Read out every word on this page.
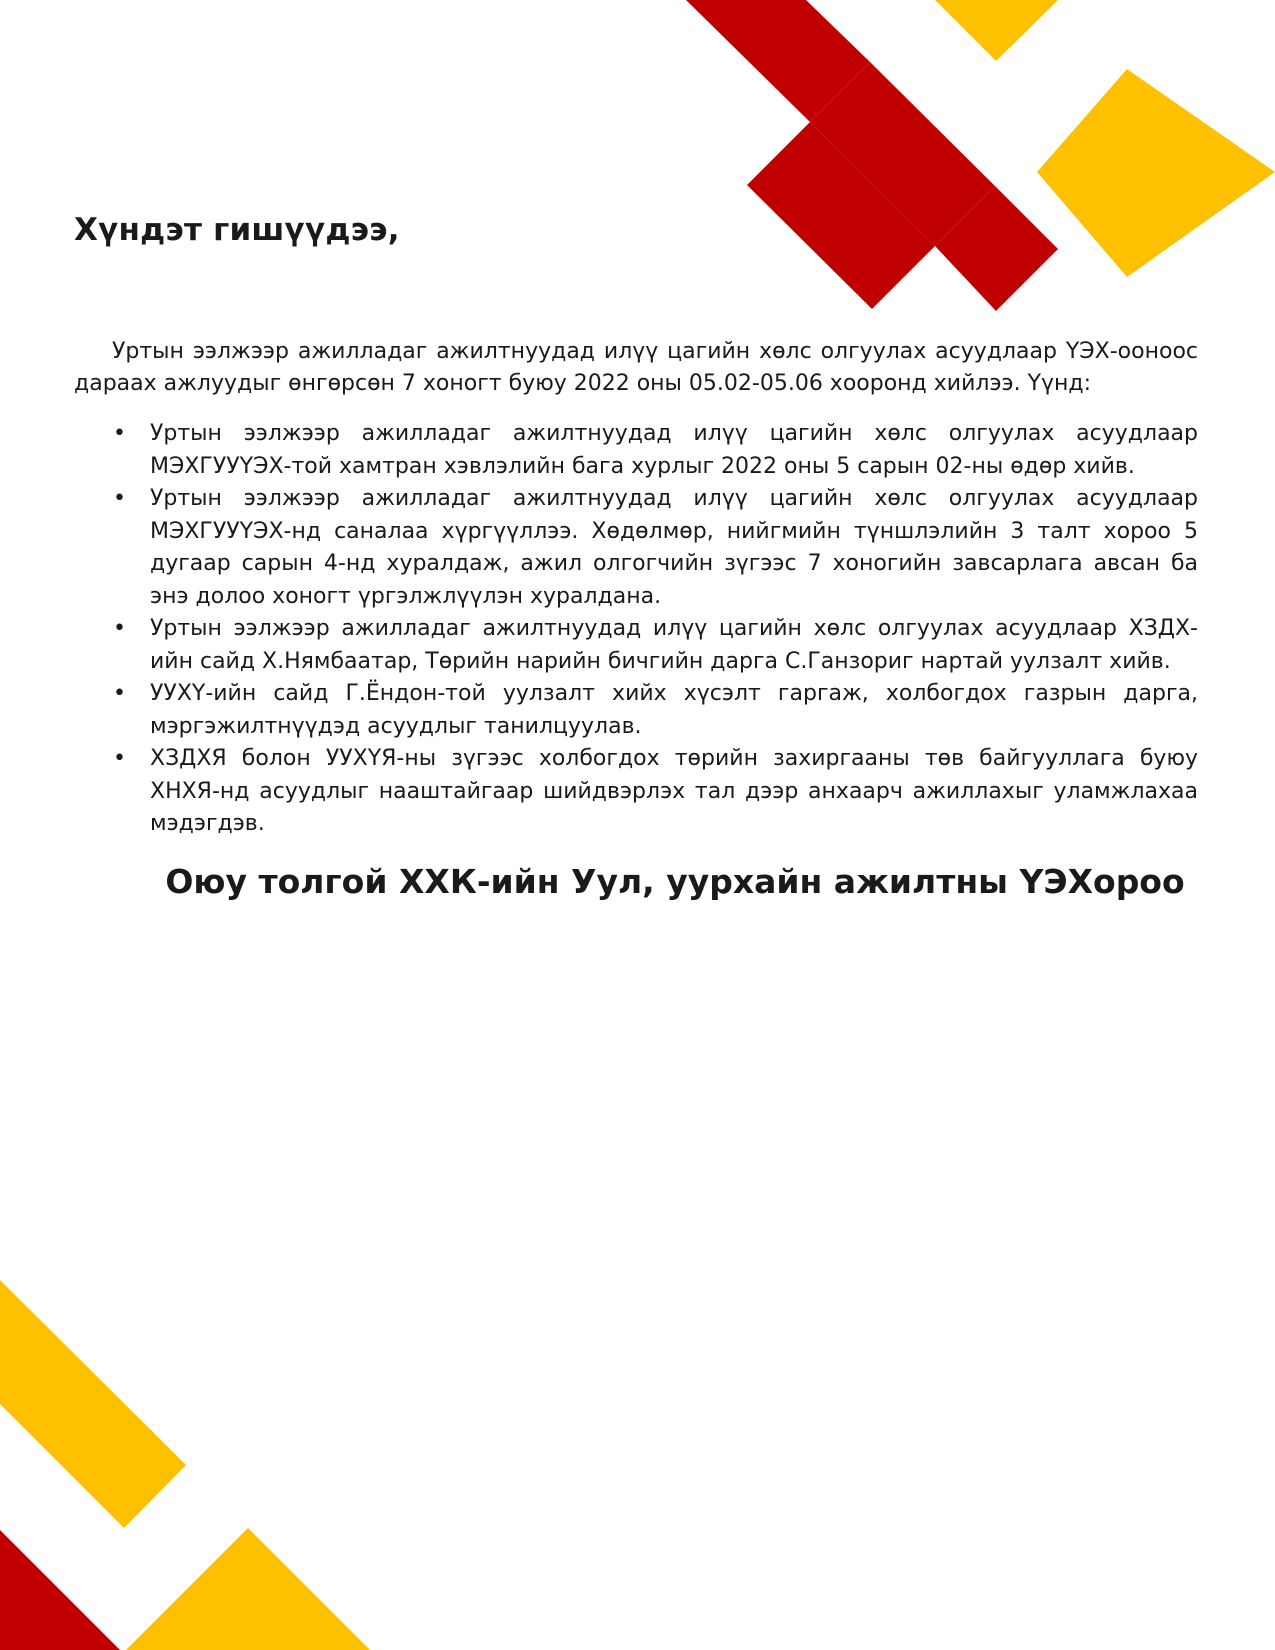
Хүндэт гишүүдээ,

Уртын ээлжээр ажилладаг ажилтнуудад илүү цагийн хөлс олгуулах асуудлаар ҮЭХ-ооноос дараах ажлуудыг өнгөрсөн 7 хоногт буюу 2022 оны 05.02-05.06 хооронд хийлээ. Үүнд:

• Уртын ээлжээр ажилладаг ажилтнуудад илүү цагийн хөлс олгуулах асуудлаар МЭХГУУҮЭХ-той хамтран хэвлэлийн бага хурлыг 2022 оны 5 сарын 02-ны өдөр хийв.
• Уртын ээлжээр ажилладаг ажилтнуудад илүү цагийн хөлс олгуулах асуудлаар МЭХГУУҮЭХ-нд саналаа хүргүүллээ. Хөдөлмөр, нийгмийн түншлэлийн 3 талт хороо 5 дугаар сарын 4-нд хуралдаж, ажил олгогчийн зүгээс 7 хоногийн завсарлага авсан ба энэ долоо хоногт үргэлжлүүлэн хуралдана.
• Уртын ээлжээр ажилладаг ажилтнуудад илүү цагийн хөлс олгуулах асуудлаар ХЗДХ-ийн сайд Х.Нямбаатар, Төрийн нарийн бичгийн дарга С.Ганзориг нартай уулзалт хийв.
• УУХҮ-ийн сайд Г.Ёндон-той уулзалт хийх хүсэлт гаргаж, холбогдох газрын дарга, мэргэжилтнүүдэд асуудлыг танилцуулав.
• ХЗДХЯ болон УУХҮЯ-ны зүгээс холбогдох төрийн захиргааны төв байгууллага буюу ХНХЯ-нд асуудлыг нааштайгаар шийдвэрлэх тал дээр анхаарч ажиллахыг уламжлахаа мэдэгдэв.
Оюу толгой ХХК-ийн Уул, уурхайн ажилтны ҮЭХороо
